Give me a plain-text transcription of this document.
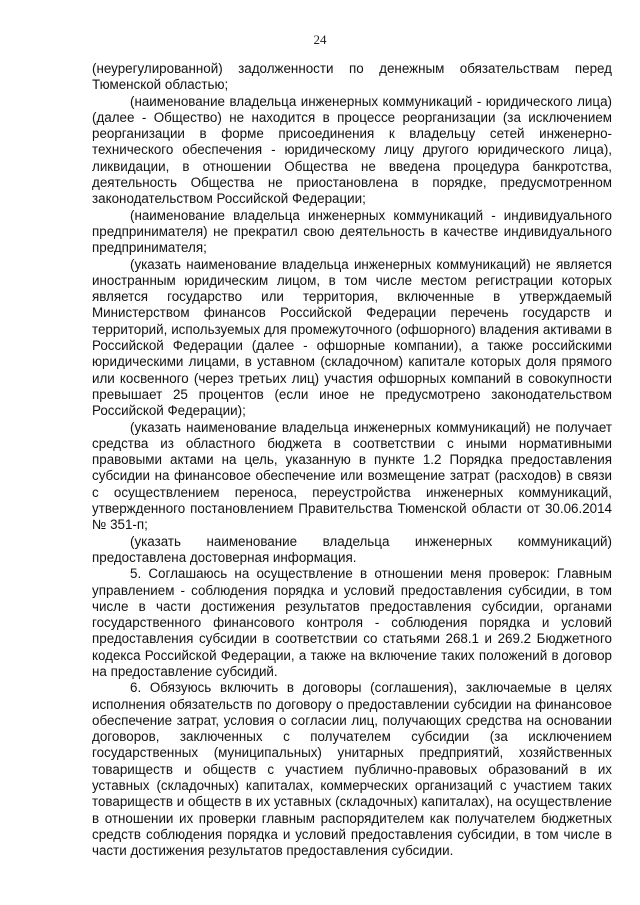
24

(неурегулированной) задолженности по денежным обязательствам перед Тюменской областью;

(наименование владельца инженерных коммуникаций - юридического лица) (далее - Общество) не находится в процессе реорганизации (за исключением реорганизации в форме присоединения к владельцу сетей инженерно-технического обеспечения - юридическому лицу другого юридического лица), ликвидации, в отношении Общества не введена процедура банкротства, деятельность Общества не приостановлена в порядке, предусмотренном законодательством Российской Федерации;

(наименование владельца инженерных коммуникаций - индивидуального предпринимателя) не прекратил свою деятельность в качестве индивидуального предпринимателя;

(указать наименование владельца инженерных коммуникаций) не является иностранным юридическим лицом, в том числе местом регистрации которых является государство или территория, включенные в утверждаемый Министерством финансов Российской Федерации перечень государств и территорий, используемых для промежуточного (офшорного) владения активами в Российской Федерации (далее - офшорные компании), а также российскими юридическими лицами, в уставном (складочном) капитале которых доля прямого или косвенного (через третьих лиц) участия офшорных компаний в совокупности превышает 25 процентов (если иное не предусмотрено законодательством Российской Федерации);

(указать наименование владельца инженерных коммуникаций) не получает средства из областного бюджета в соответствии с иными нормативными правовыми актами на цель, указанную в пункте 1.2 Порядка предоставления субсидии на финансовое обеспечение или возмещение затрат (расходов) в связи с осуществлением переноса, переустройства инженерных коммуникаций, утвержденного постановлением Правительства Тюменской области от 30.06.2014 № 351-п;

(указать наименование владельца инженерных коммуникаций) предоставлена достоверная информация.

5. Соглашаюсь на осуществление в отношении меня проверок: Главным управлением - соблюдения порядка и условий предоставления субсидии, в том числе в части достижения результатов предоставления субсидии, органами государственного финансового контроля - соблюдения порядка и условий предоставления субсидии в соответствии со статьями 268.1 и 269.2 Бюджетного кодекса Российской Федерации, а также на включение таких положений в договор на предоставление субсидий.

6. Обязуюсь включить в договоры (соглашения), заключаемые в целях исполнения обязательств по договору о предоставлении субсидии на финансовое обеспечение затрат, условия о согласии лиц, получающих средства на основании договоров, заключенных с получателем субсидии (за исключением государственных (муниципальных) унитарных предприятий, хозяйственных товариществ и обществ с участием публично-правовых образований в их уставных (складочных) капиталах, коммерческих организаций с участием таких товариществ и обществ в их уставных (складочных) капиталах), на осуществление в отношении их проверки главным распорядителем как получателем бюджетных средств соблюдения порядка и условий предоставления субсидии, в том числе в части достижения результатов предоставления субсидии.
